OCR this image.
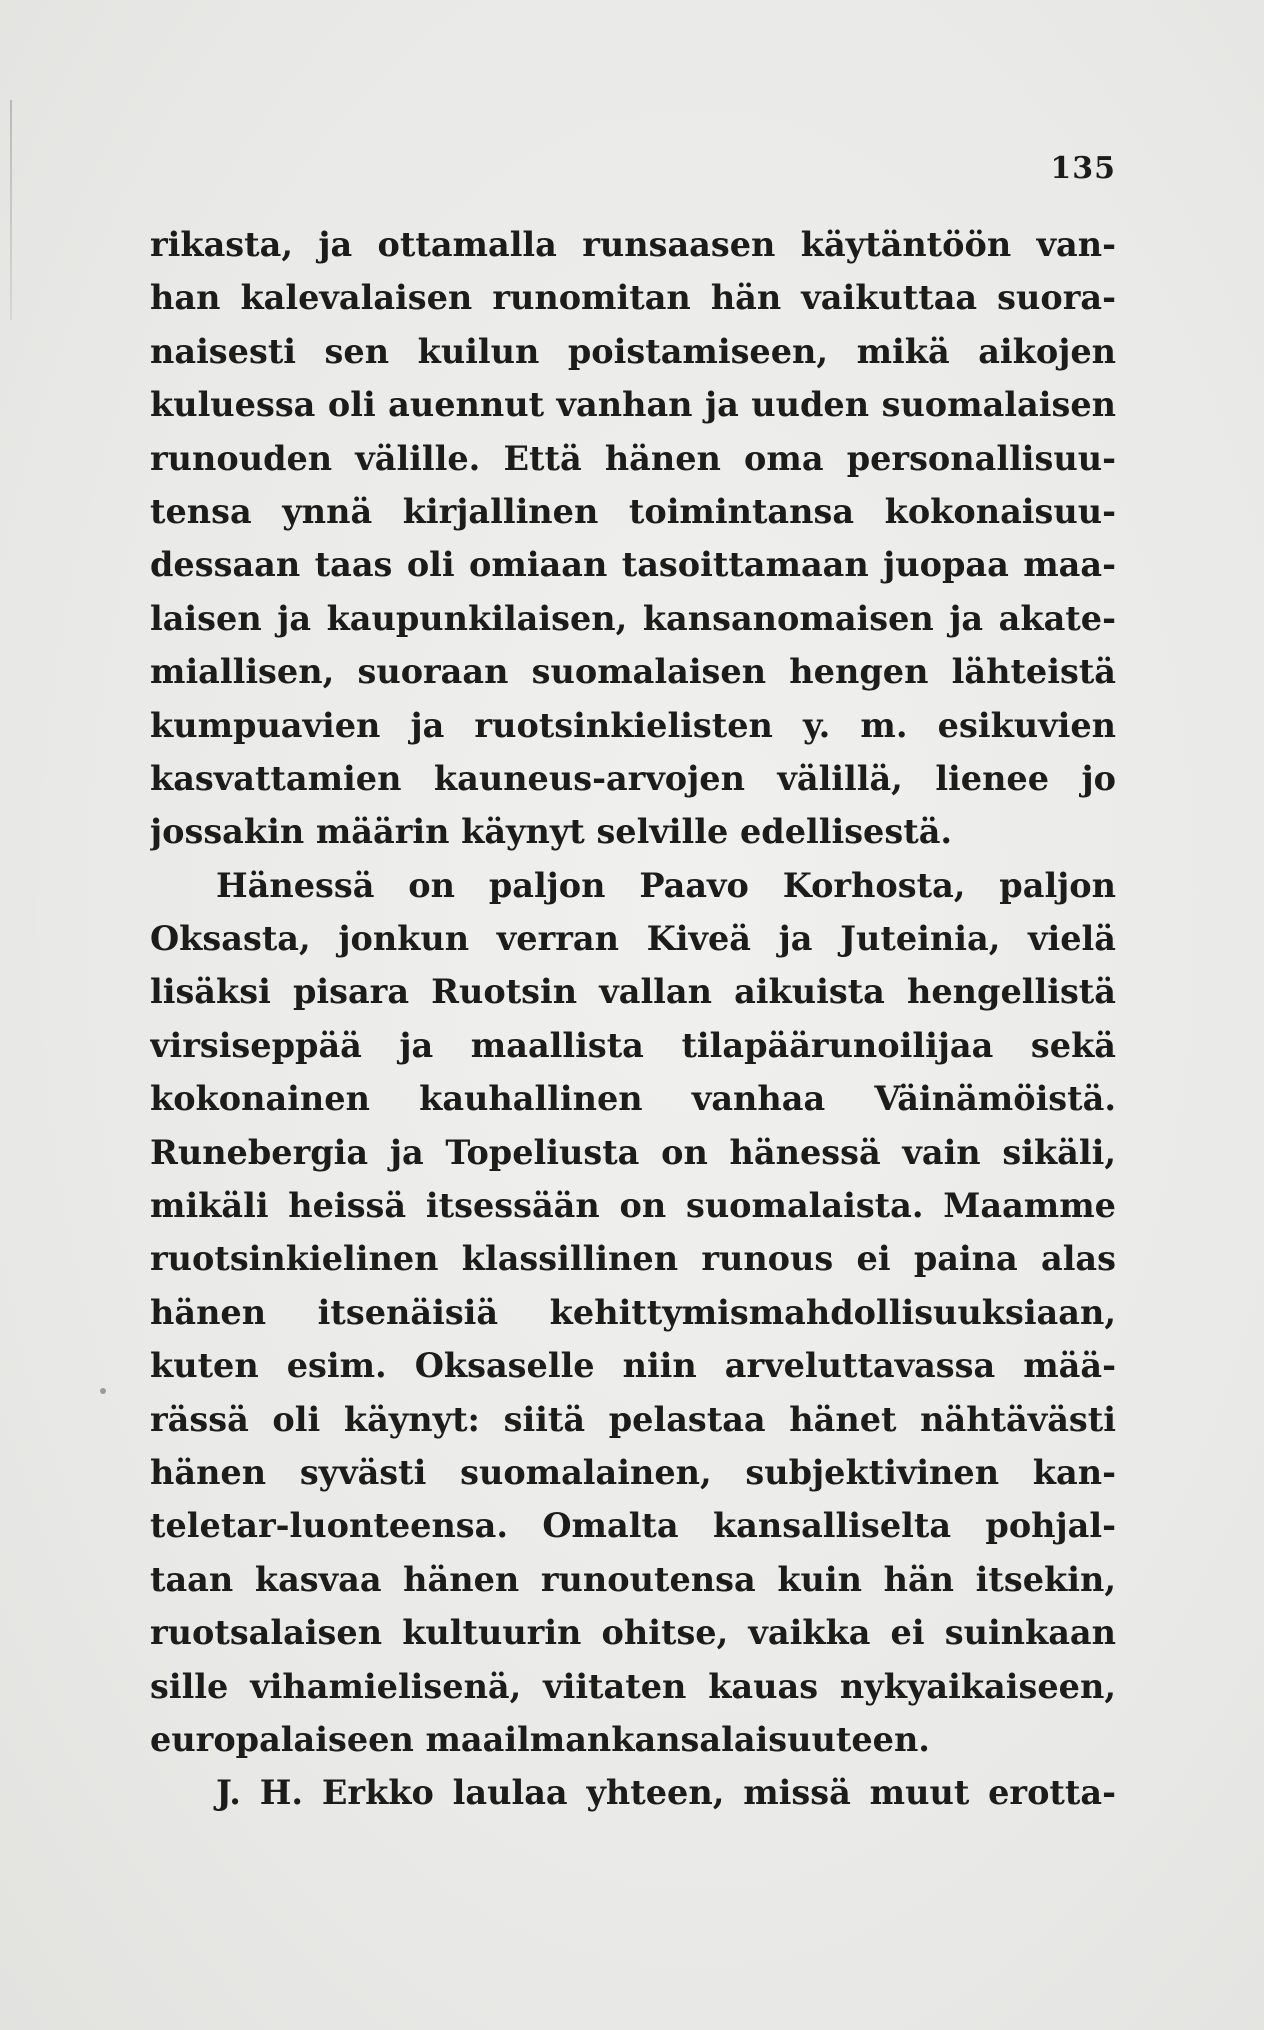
135
rikasta, ja ottamalla runsaasen käytäntöön van-
han kalevalaisen runomitan hän vaikuttaa suora-
naisesti sen kuilun poistamiseen, mikä aikojen
kuluessa oli auennut vanhan ja uuden suomalaisen
runouden välille. Että hänen oma personallisuu-
tensa ynnä kirjallinen toimintansa kokonaisuu-
dessaan taas oli omiaan tasoittamaan juopaa maa-
laisen ja kaupunkilaisen, kansanomaisen ja akate-
miallisen, suoraan suomalaisen hengen lähteistä
kumpuavien ja ruotsinkielisten y. m. esikuvien
kasvattamien kauneus-arvojen välillä, lienee jo
jossakin määrin käynyt selville edellisestä.
Hänessä on paljon Paavo Korhosta, paljon
Oksasta, jonkun verran Kiveä ja Juteinia, vielä
lisäksi pisara Ruotsin vallan aikuista hengellistä
virsiseppää ja maallista tilapäärunoilijaa sekä
kokonainen kauhallinen vanhaa Väinämöistä.
Runebergia ja Topeliusta on hänessä vain sikäli,
mikäli heissä itsessään on suomalaista. Maamme
ruotsinkielinen klassillinen runous ei paina alas
hänen itsenäisiä kehittymismahdollisuuksiaan,
kuten esim. Oksaselle niin arveluttavassa mää-
rässä oli käynyt: siitä pelastaa hänet nähtävästi
hänen syvästi suomalainen, subjektivinen kan-
teletar-luonteensa. Omalta kansalliselta pohjal-
taan kasvaa hänen runoutensa kuin hän itsekin,
ruotsalaisen kultuurin ohitse, vaikka ei suinkaan
sille vihamielisenä, viitaten kauas nykyaikaiseen,
europalaiseen maailmankansalaisuuteen.
J. H. Erkko laulaa yhteen, missä muut erotta-
